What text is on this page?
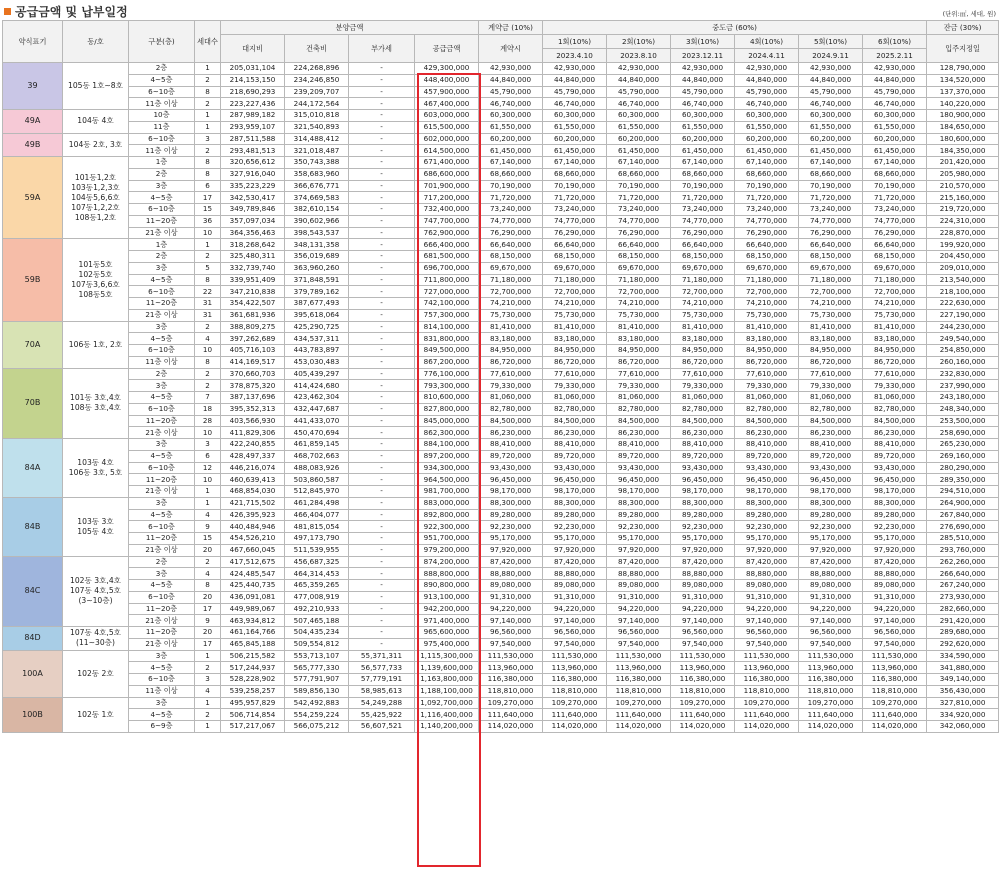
공급금액 및 납부일정	(단위:㎡, 세대, 원)
약식표기	동/호	구분(층)	세대수	분양금액				계약금 (10%)	중도금 (60%)						잔금 (30%)
				대지비	건축비	부가세	공급금액	계약시	1회(10%)	2회(10%)	3회(10%)	4회(10%)	5회(10%)	6회(10%)	입주지정일
									2023.4.10	2023.8.10	2023.12.11	2024.4.11	2024.9.11	2025.2.11	
39	105동 1호~8호	2층	1	205,031,104	224,268,896	-	429,300,000	42,930,000	42,930,000	42,930,000	42,930,000	42,930,000	42,930,000	42,930,000	128,790,000
		4~5층	2	214,153,150	234,246,850	-	448,400,000	44,840,000	44,840,000	44,840,000	44,840,000	44,840,000	44,840,000	44,840,000	134,520,000
		6~10층	8	218,690,293	239,209,707	-	457,900,000	45,790,000	45,790,000	45,790,000	45,790,000	45,790,000	45,790,000	45,790,000	137,370,000
		11층 이상	2	223,227,436	244,172,564	-	467,400,000	46,740,000	46,740,000	46,740,000	46,740,000	46,740,000	46,740,000	46,740,000	140,220,000
49A	104동 4호	10층	1	287,989,182	315,010,818	-	603,000,000	60,300,000	60,300,000	60,300,000	60,300,000	60,300,000	60,300,000	60,300,000	180,900,000
		11층	1	293,959,107	321,540,893	-	615,500,000	61,550,000	61,550,000	61,550,000	61,550,000	61,550,000	61,550,000	61,550,000	184,650,000
49B	104동 2호, 3호	6~10층	3	287,511,588	314,488,412	-	602,000,000	60,200,000	60,200,000	60,200,000	60,200,000	60,200,000	60,200,000	60,200,000	180,600,000
		11층 이상	2	293,481,513	321,018,487	-	614,500,000	61,450,000	61,450,000	61,450,000	61,450,000	61,450,000	61,450,000	61,450,000	184,350,000
59A	101동1,2호
103동1,2,3호
104동5,6,6호
107동1,2,2호
108동1,2호	1층	8	320,656,612	350,743,388	-	671,400,000	67,140,000	67,140,000	67,140,000	67,140,000	67,140,000	67,140,000	67,140,000	201,420,000
		2층	8	327,916,040	358,683,960	-	686,600,000	68,660,000	68,660,000	68,660,000	68,660,000	68,660,000	68,660,000	68,660,000	205,980,000
		3층	6	335,223,229	366,676,771	-	701,900,000	70,190,000	70,190,000	70,190,000	70,190,000	70,190,000	70,190,000	70,190,000	210,570,000
		4~5층	17	342,530,417	374,669,583	-	717,200,000	71,720,000	71,720,000	71,720,000	71,720,000	71,720,000	71,720,000	71,720,000	215,160,000
		6~10층	15	349,789,846	382,610,154	-	732,400,000	73,240,000	73,240,000	73,240,000	73,240,000	73,240,000	73,240,000	73,240,000	219,720,000
		11~20층	36	357,097,034	390,602,966	-	747,700,000	74,770,000	74,770,000	74,770,000	74,770,000	74,770,000	74,770,000	74,770,000	224,310,000
		21층 이상	10	364,356,463	398,543,537	-	762,900,000	76,290,000	76,290,000	76,290,000	76,290,000	76,290,000	76,290,000	76,290,000	228,870,000
59B	101동5호
102동5호
107동3,6,6호
108동5호	1층	1	318,268,642	348,131,358	-	666,400,000	66,640,000	66,640,000	66,640,000	66,640,000	66,640,000	66,640,000	66,640,000	199,920,000
		2층	2	325,480,311	356,019,689	-	681,500,000	68,150,000	68,150,000	68,150,000	68,150,000	68,150,000	68,150,000	68,150,000	204,450,000
		3층	5	332,739,740	363,960,260	-	696,700,000	69,670,000	69,670,000	69,670,000	69,670,000	69,670,000	69,670,000	69,670,000	209,010,000
		4~5층	8	339,951,409	371,848,591	-	711,800,000	71,180,000	71,180,000	71,180,000	71,180,000	71,180,000	71,180,000	71,180,000	213,540,000
		6~10층	22	347,210,838	379,789,162	-	727,000,000	72,700,000	72,700,000	72,700,000	72,700,000	72,700,000	72,700,000	72,700,000	218,100,000
		11~20층	31	354,422,507	387,677,493	-	742,100,000	74,210,000	74,210,000	74,210,000	74,210,000	74,210,000	74,210,000	74,210,000	222,630,000
		21층 이상	31	361,681,936	395,618,064	-	757,300,000	75,730,000	75,730,000	75,730,000	75,730,000	75,730,000	75,730,000	75,730,000	227,190,000
70A	106동 1호, 2호	3층	2	388,809,275	425,290,725	-	814,100,000	81,410,000	81,410,000	81,410,000	81,410,000	81,410,000	81,410,000	81,410,000	244,230,000
		4~5층	4	397,262,689	434,537,311	-	831,800,000	83,180,000	83,180,000	83,180,000	83,180,000	83,180,000	83,180,000	83,180,000	249,540,000
		6~10층	10	405,716,103	443,783,897	-	849,500,000	84,950,000	84,950,000	84,950,000	84,950,000	84,950,000	84,950,000	84,950,000	254,850,000
		11층 이상	8	414,169,517	453,030,483	-	867,200,000	86,720,000	86,720,000	86,720,000	86,720,000	86,720,000	86,720,000	86,720,000	260,160,000
70B	101동 3호,4호
108동 3호,4호	2층	2	370,660,703	405,439,297	-	776,100,000	77,610,000	77,610,000	77,610,000	77,610,000	77,610,000	77,610,000	77,610,000	232,830,000
		3층	2	378,875,320	414,424,680	-	793,300,000	79,330,000	79,330,000	79,330,000	79,330,000	79,330,000	79,330,000	79,330,000	237,990,000
		4~5층	7	387,137,696	423,462,304	-	810,600,000	81,060,000	81,060,000	81,060,000	81,060,000	81,060,000	81,060,000	81,060,000	243,180,000
		6~10층	18	395,352,313	432,447,687	-	827,800,000	82,780,000	82,780,000	82,780,000	82,780,000	82,780,000	82,780,000	82,780,000	248,340,000
		11~20층	28	403,566,930	441,433,070	-	845,000,000	84,500,000	84,500,000	84,500,000	84,500,000	84,500,000	84,500,000	84,500,000	253,500,000
		21층 이상	10	411,829,306	450,470,694	-	862,300,000	86,230,000	86,230,000	86,230,000	86,230,000	86,230,000	86,230,000	86,230,000	258,690,000
84A	103동 4호
106동 3호, 5호	3층	3	422,240,855	461,859,145	-	884,100,000	88,410,000	88,410,000	88,410,000	88,410,000	88,410,000	88,410,000	88,410,000	265,230,000
		4~5층	6	428,497,337	468,702,663	-	897,200,000	89,720,000	89,720,000	89,720,000	89,720,000	89,720,000	89,720,000	89,720,000	269,160,000
		6~10층	12	446,216,074	488,083,926	-	934,300,000	93,430,000	93,430,000	93,430,000	93,430,000	93,430,000	93,430,000	93,430,000	280,290,000
		11~20층	10	460,639,413	503,860,587	-	964,500,000	96,450,000	96,450,000	96,450,000	96,450,000	96,450,000	96,450,000	96,450,000	289,350,000
		21층 이상	1	468,854,030	512,845,970	-	981,700,000	98,170,000	98,170,000	98,170,000	98,170,000	98,170,000	98,170,000	98,170,000	294,510,000
84B	103동 3호
105동 4호	3층	1	421,715,502	461,284,498	-	883,000,000	88,300,000	88,300,000	88,300,000	88,300,000	88,300,000	88,300,000	88,300,000	264,900,000
		4~5층	4	426,395,923	466,404,077	-	892,800,000	89,280,000	89,280,000	89,280,000	89,280,000	89,280,000	89,280,000	89,280,000	267,840,000
		6~10층	9	440,484,946	481,815,054	-	922,300,000	92,230,000	92,230,000	92,230,000	92,230,000	92,230,000	92,230,000	92,230,000	276,690,000
		11~20층	15	454,526,210	497,173,790	-	951,700,000	95,170,000	95,170,000	95,170,000	95,170,000	95,170,000	95,170,000	95,170,000	285,510,000
		21층 이상	20	467,660,045	511,539,955	-	979,200,000	97,920,000	97,920,000	97,920,000	97,920,000	97,920,000	97,920,000	97,920,000	293,760,000
84C	102동 3호,4호
107동 4호,5호
(3~10층)	2층	2	417,512,675	456,687,325	-	874,200,000	87,420,000	87,420,000	87,420,000	87,420,000	87,420,000	87,420,000	87,420,000	262,260,000
		3층	4	424,485,547	464,314,453	-	888,800,000	88,880,000	88,880,000	88,880,000	88,880,000	88,880,000	88,880,000	88,880,000	266,640,000
		4~5층	8	425,440,735	465,359,265	-	890,800,000	89,080,000	89,080,000	89,080,000	89,080,000	89,080,000	89,080,000	89,080,000	267,240,000
		6~10층	20	436,091,081	477,008,919	-	913,100,000	91,310,000	91,310,000	91,310,000	91,310,000	91,310,000	91,310,000	91,310,000	273,930,000
		11~20층	17	449,989,067	492,210,933	-	942,200,000	94,220,000	94,220,000	94,220,000	94,220,000	94,220,000	94,220,000	94,220,000	282,660,000
		21층 이상	9	463,934,812	507,465,188	-	971,400,000	97,140,000	97,140,000	97,140,000	97,140,000	97,140,000	97,140,000	97,140,000	291,420,000
84D	107동 4호,5호
(11~30층)	11~20층	20	461,164,766	504,435,234	-	965,600,000	96,560,000	96,560,000	96,560,000	96,560,000	96,560,000	96,560,000	96,560,000	289,680,000
		21층 이상	17	465,845,188	509,554,812	-	975,400,000	97,540,000	97,540,000	97,540,000	97,540,000	97,540,000	97,540,000	97,540,000	292,620,000
100A	102동 2호	3층	1	506,215,582	553,713,107	55,371,311	1,115,300,000	111,530,000	111,530,000	111,530,000	111,530,000	111,530,000	111,530,000	111,530,000	334,590,000
		4~5층	2	517,244,937	565,777,330	56,577,733	1,139,600,000	113,960,000	113,960,000	113,960,000	113,960,000	113,960,000	113,960,000	113,960,000	341,880,000
		6~10층	3	528,228,902	577,791,907	57,779,191	1,163,800,000	116,380,000	116,380,000	116,380,000	116,380,000	116,380,000	116,380,000	116,380,000	349,140,000
		11층 이상	4	539,258,257	589,856,130	58,985,613	1,188,100,000	118,810,000	118,810,000	118,810,000	118,810,000	118,810,000	118,810,000	118,810,000	356,430,000
100B	102동 1호	3층	1	495,957,829	542,492,883	54,249,288	1,092,700,000	109,270,000	109,270,000	109,270,000	109,270,000	109,270,000	109,270,000	109,270,000	327,810,000
		4~5층	2	506,714,854	554,259,224	55,425,922	1,116,400,000	111,640,000	111,640,000	111,640,000	111,640,000	111,640,000	111,640,000	111,640,000	334,920,000
		6~9층	1	517,217,067	566,075,212	56,607,521	1,140,200,000	114,020,000	114,020,000	114,020,000	114,020,000	114,020,000	114,020,000	114,020,000	342,060,000
